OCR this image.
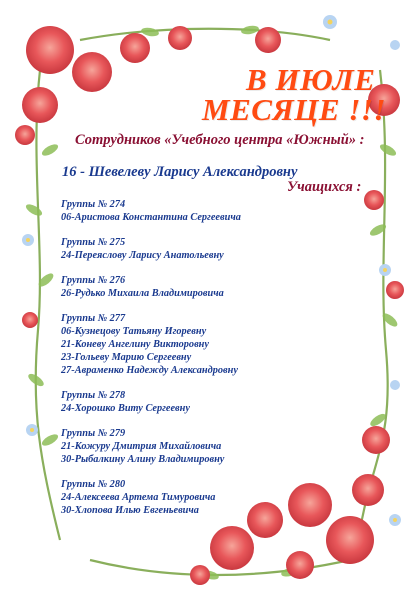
В ИЮЛЕ
МЕСЯЦЕ !!!
Сотрудников «Учебного центра «Южный» :
16 - Шевелеву Ларису Александровну
Учащихся :
Группы № 274
06-Аристова Константина Сергеевича
Группы № 275
24-Переяслову Ларису Анатольевну
Группы № 276
26-Рудько Михаила Владимировича
Группы № 277
06-Кузнецову Татьяну Игоревну
21-Коневу Ангелину Викторовну
23-Гольеву Марию Сергеевну
27-Авраменко Надежду Александровну
Группы № 278
24-Хорошко Виту Сергеевну
Группы № 279
21-Кожуру Дмитрия Михайловича
30-Рыбалкину Алину Владимировну
Группы № 280
24-Алексеева Артема Тимуровича
30-Хлопова Илью Евгеньевича
